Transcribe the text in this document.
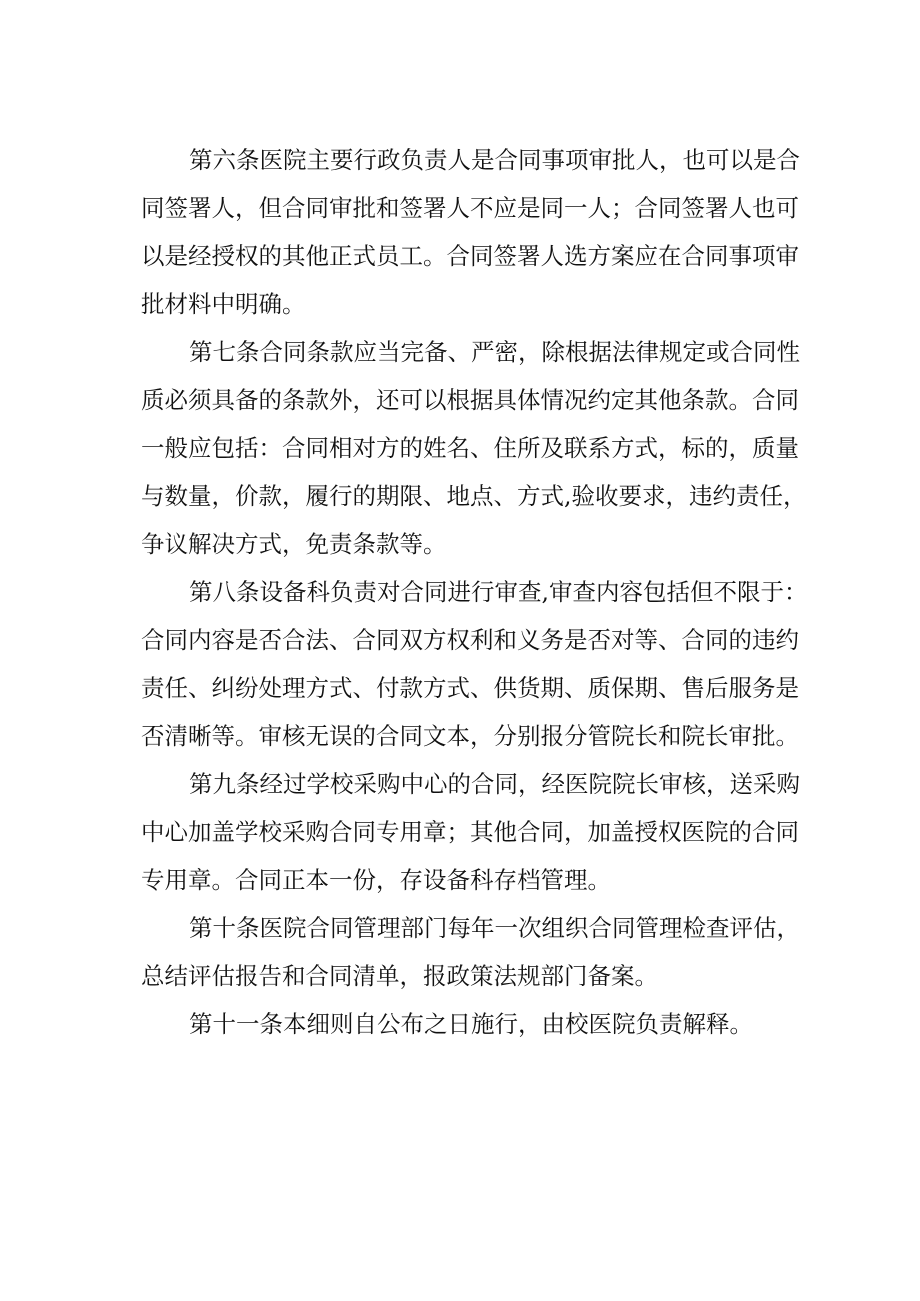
第六条医院主要行政负责人是合同事项审批人，也可以是合
同签署人，但合同审批和签署人不应是同一人；合同签署人也可
以是经授权的其他正式员工。合同签署人选方案应在合同事项审
批材料中明确。
第七条合同条款应当完备、严密，除根据法律规定或合同性
质必须具备的条款外，还可以根据具体情况约定其他条款。合同
一般应包括：合同相对方的姓名、住所及联系方式，标的，质量
与数量，价款，履行的期限、地点、方式,验收要求，违约责任，
争议解决方式，免责条款等。
第八条设备科负责对合同进行审查,审查内容包括但不限于：
合同内容是否合法、合同双方权利和义务是否对等、合同的违约
责任、纠纷处理方式、付款方式、供货期、质保期、售后服务是
否清晰等。审核无误的合同文本，分别报分管院长和院长审批。
第九条经过学校采购中心的合同，经医院院长审核，送采购
中心加盖学校采购合同专用章；其他合同，加盖授权医院的合同
专用章。合同正本一份，存设备科存档管理。
第十条医院合同管理部门每年一次组织合同管理检查评估，
总结评估报告和合同清单，报政策法规部门备案。
第十一条本细则自公布之日施行，由校医院负责解释。
